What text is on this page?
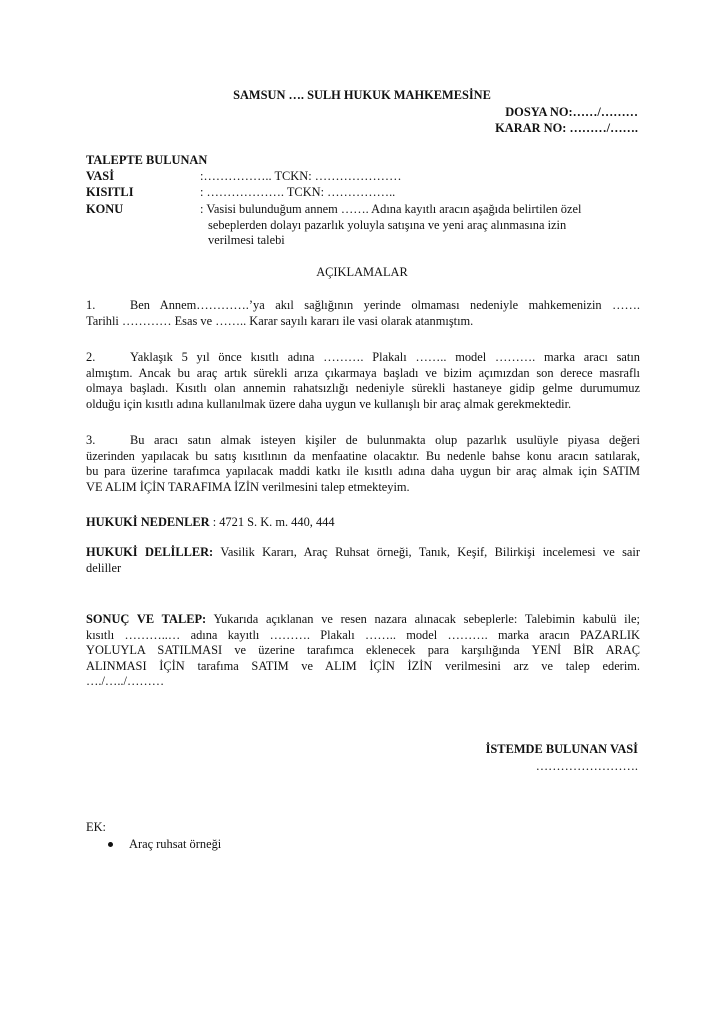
SAMSUN …. SULH HUKUK MAHKEMESİNE
DOSYA NO:……/………
KARAR NO: ………/…….
TALEPTE BULUNAN
VASİ	:…………….. TCKN: …………………
KISITLI	: ………………. TCKN: ……………..
KONU	: Vasisi bulunduğum annem ……. Adına kayıtlı aracın aşağıda belirtilen özel
sebeplerden dolayı pazarlık yoluyla satışına ve yeni araç alınmasına izin
verilmesi talebi
AÇIKLAMALAR
1.	Ben Annem………….’ya akıl sağlığının yerinde olmaması nedeniyle mahkemenizin …….
Tarihli ………… Esas ve …….. Karar sayılı kararı ile vasi olarak atanmıştım.
2.	Yaklaşık 5 yıl önce kısıtlı adına ………. Plakalı …….. model ………. marka aracı satın
almıştım. Ancak bu araç artık sürekli arıza çıkarmaya başladı ve bizim açımızdan son derece masraflı
olmaya başladı. Kısıtlı olan annemin rahatsızlığı nedeniyle sürekli hastaneye gidip gelme durumumuz
olduğu için kısıtlı adına kullanılmak üzere daha uygun ve kullanışlı bir araç almak gerekmektedir.
3.	Bu aracı satın almak isteyen kişiler de bulunmakta olup pazarlık usulüyle piyasa değeri
üzerinden yapılacak bu satış kısıtlının da menfaatine olacaktır. Bu nedenle bahse konu aracın satılarak,
bu para üzerine tarafımca yapılacak maddi katkı ile kısıtlı adına daha uygun bir araç almak için SATIM
VE ALIM İÇİN TARAFIMA İZİN verilmesini talep etmekteyim.
HUKUKİ NEDENLER : 4721 S. K. m. 440, 444
HUKUKİ DELİLLER: Vasilik Kararı, Araç Ruhsat örneği, Tanık, Keşif, Bilirkişi incelemesi ve sair
deliller
SONUÇ VE TALEP: Yukarıda açıklanan ve resen nazara alınacak sebeplerle: Talebimin kabulü ile;
kısıtlı ………..… adına kayıtlı ………. Plakalı …….. model ………. marka aracın PAZARLIK
YOLUYLA SATILMASI ve üzerine tarafımca eklenecek para karşılığında YENİ BİR ARAÇ
ALINMASI İÇİN tarafıma SATIM ve ALIM İÇİN İZİN verilmesini arz ve talep ederim.
…./…../………
İSTEMDE BULUNAN VASİ
…………………….
EK:
Araç ruhsat örneği
